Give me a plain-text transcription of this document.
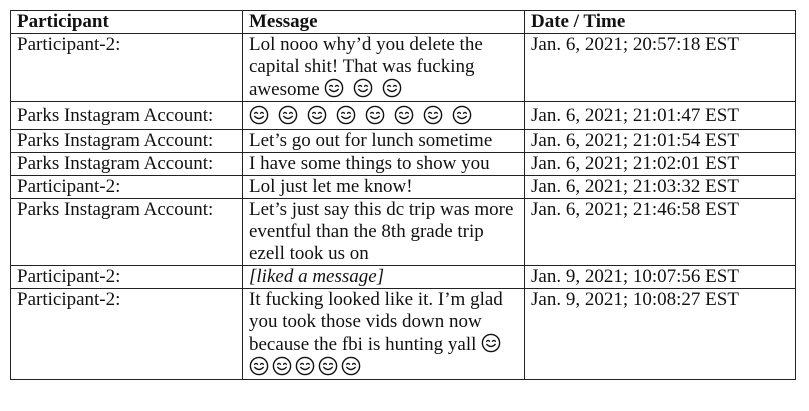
Participant	Message	Date / Time
Participant-2:	Lol nooo why’d you delete the capital shit! That was fucking awesome	Jan. 6, 2021; 20:57:18 EST
Parks Instagram Account:		Jan. 6, 2021; 21:01:47 EST
Parks Instagram Account:	Let’s go out for lunch sometime	Jan. 6, 2021; 21:01:54 EST
Parks Instagram Account:	I have some things to show you	Jan. 6, 2021; 21:02:01 EST
Participant-2:	Lol just let me know!	Jan. 6, 2021; 21:03:32 EST
Parks Instagram Account:	Let’s just say this dc trip was more eventful than the 8th grade trip ezell took us on	Jan. 6, 2021; 21:46:58 EST
Participant-2:	[liked a message]	Jan. 9, 2021; 10:07:56 EST
Participant-2:	It fucking looked like it. I’m glad you took those vids down now because the fbi is hunting yall	Jan. 9, 2021; 10:08:27 EST
